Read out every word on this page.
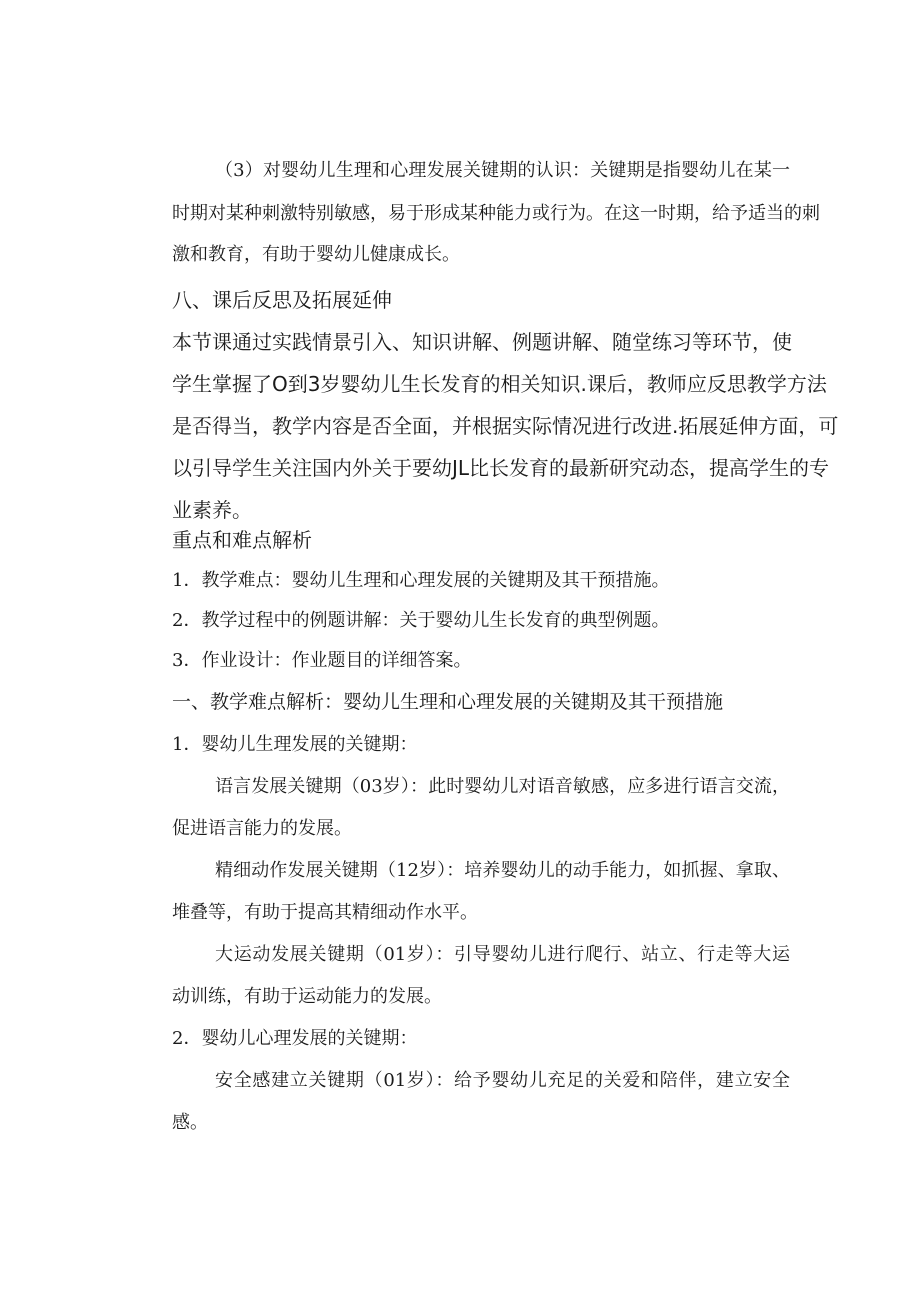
（3）对婴幼儿生理和心理发展关键期的认识：关键期是指婴幼儿在某一
时期对某种刺激特别敏感，易于形成某种能力或行为。在这一时期，给予适当的刺
激和教育，有助于婴幼儿健康成长。
八、课后反思及拓展延伸
本节课通过实践情景引入、知识讲解、例题讲解、随堂练习等环节，使
学生掌握了O到3岁婴幼儿生长发育的相关知识.课后，教师应反思教学方法
是否得当，教学内容是否全面，并根据实际情况进行改进.拓展延伸方面，可
以引导学生关注国内外关于要幼JL比长发育的最新研究动态，提高学生的专
业素养。
重点和难点解析
1．教学难点：婴幼儿生理和心理发展的关键期及其干预措施。
2．教学过程中的例题讲解：关于婴幼儿生长发育的典型例题。
3．作业设计：作业题目的详细答案。
一、教学难点解析：婴幼儿生理和心理发展的关键期及其干预措施
1．婴幼儿生理发展的关键期：
语言发展关键期（03岁）：此时婴幼儿对语音敏感，应多进行语言交流，
促进语言能力的发展。
精细动作发展关键期（12岁）：培养婴幼儿的动手能力，如抓握、拿取、
堆叠等，有助于提高其精细动作水平。
大运动发展关键期（01岁）：引导婴幼儿进行爬行、站立、行走等大运
动训练，有助于运动能力的发展。
2．婴幼儿心理发展的关键期：
安全感建立关键期（01岁）：给予婴幼儿充足的关爱和陪伴，建立安全
感。
